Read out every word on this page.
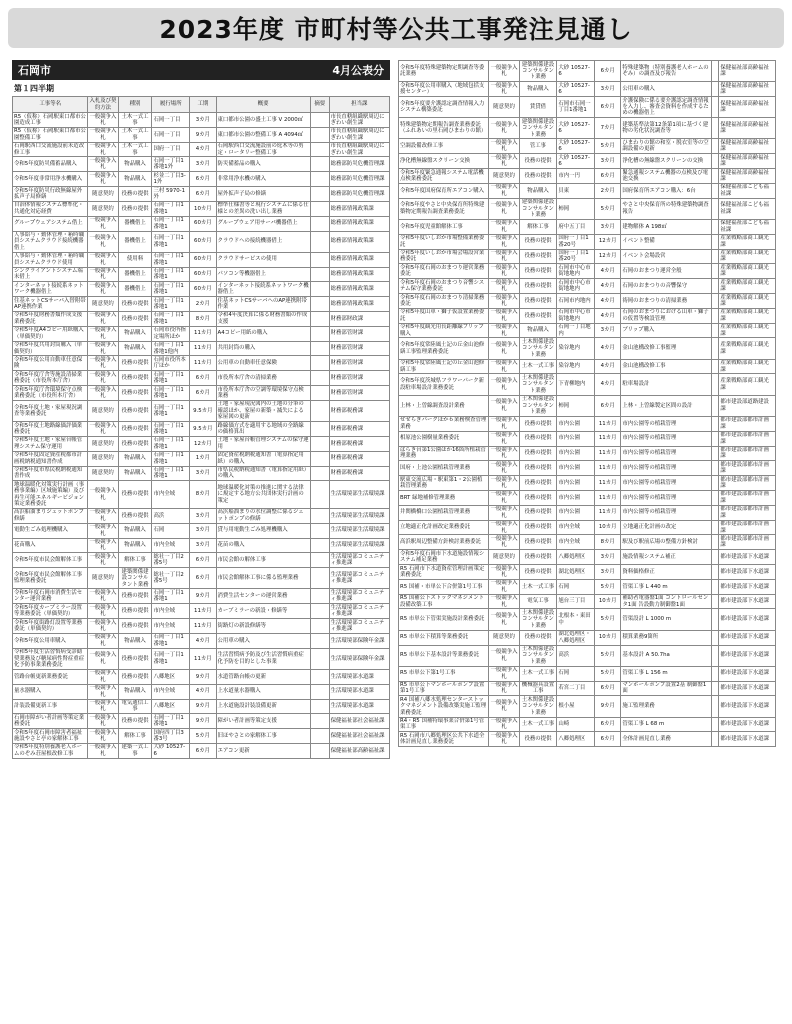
2023年度 市町村等公共工事発注見通し
石岡市	4月公表分
第１四半期
工事等名	入札及び契約方法	種別	履行場所	工期	概要	摘要	担当課
R5（仮称）石岡駅東口都市公園造成工事	一般競争入札	土木一式工事	石岡一丁目	3カ月	東口都市公園の盛土工事 V 2000㎡		市長直轄組織駅周辺にぎわい創生課
R5（仮称）石岡駅東口都市公園整備工事	一般競争入札	土木一式工事	石岡一丁目	9カ月	東口都市公園の整備工事 A 4094㎡		市長直轄組織駅周辺にぎわい創生課
石岡駅西口交流施設前未造改修工事	一般競争入札	土木一式工事	国府一丁目	4カ月	石岡駅西口交流施設前の庭木等の剪定・ロータリー整備工事		市長直轄組織駅周辺にぎわい創生課
令和5年度防災備蓄品購入	一般競争入札	物品購入	石岡一丁目1番地1外	3カ月	防災備蓄品の購入		総務部防災危機管理課
令和5年度非常用浄水機購入	一般競争入札	物品購入	杉並二丁目3-1外	6カ月	非常用浄水機の購入		総務部防災危機管理課
令和5年度防災行政無線屋外拡声子局修繕	随意契約	役務の提供	三村 5970-1外	6カ月	屋外拡声子局の修繕		総務部防災危機管理課
自治体情報システム標準化・共通化対応経費	随意契約	役務の提供	石岡一丁目1番地1	10カ月	標準仕様書等と現行システムに係る仕様との差異の洗い出し業務		総務部情報政策課
グループウェアシステム借上	一般競争入札	器機借上	石岡一丁目1番地1	60カ月	グループウェア用サーバ機器借上		総務部情報政策課
人事給与・勤休管理・箱時職員システムクラウド接続機器借上	一般競争入札	器機借上	石岡一丁目1番地1	60カ月	クラウドへの接続機器借上		総務部情報政策課
人事給与・勤休管理・箱時職員システムクラウド使用	一般競争入札	使用料	石岡一丁目1番地1	60カ月	クラウドサービスの使用		総務部情報政策課
シンクライアントシステム端末借上	一般競争入札	器機借上	石岡一丁目1番地1	60カ月	パソコン等機器借上		総務部情報政策課
インターネット接続系ネットワーク機器借上	一般競争入札	器機借上	石岡一丁目1番地1	60カ月	インターネット接続系ネットワーク機器借上		総務部情報政策課
住基ネットCSサーバ入替附帯AP連携作業	随意契約	役務の提供	石岡一丁目1番地1	2カ月	住基ネットCSサーバへのAP連携附帯作業		総務部情報政策課
令和5年度財務書類作成支援業務委託	一般競争入札	役務の提供	石岡一丁目1番地1	8カ月	令和4年度決算に係る財務書類の作成支援		財務部財政課
令和5年度A4コピー用紙購入（単価契約）	一般競争入札	物品購入	石岡市役所指定場所ほか	11カ月	A4コピー用紙の購入		財務部管財課
令和5年度共用封筒購入（単価契約）	一般競争入札	物品購入	石岡一丁目1番地1他内	11カ月	共用封筒の購入		財務部管財課
令和5年度公用自動車任意保険	一般競争入札	役務の提供	石岡市役所本庁ほか	11カ月	公用車の自動車任意保険		財務部管財課
令和5年度庁舎等施設清掃業務委託（市役所本庁舎）	一般競争入札	役務の提供	石岡一丁目1番地1	6カ月	市役所本庁舎の清掃業務		財務部管財課
令和5年度庁舎環境保守点検業務委託（市役所本庁舎）	一般競争入札	役務の提供	石岡一丁目1番地1	6カ月	市役所本庁舎の空調等環境保守点検業務		財務部管財課
令和5年度土地・家屋現況調査等業務委託	随意契約	役務の提供	石岡一丁目1番地1	9.5カ月	土地・家屋現況図内の土地の分筆の確認ほか、家屋の新築・滅失による家屋図の更新		財務部税務課
令和5年度土地路線価評価業務委託	一般競争入札	役務の提供	石岡一丁目1番地1	9.5カ月	路線価方式を適用する地域の全路線の価格算出		財務部税務課
令和5年度土地・家屋台帳管理システム保守運用	随意契約	役務の提供	石岡一丁目1番地1	12カ月	土地・家屋台帳管理システムの保守運用		財務部税務課
令和5年度固定資産税都市計画税納税通知書作成	随意契約	物品購入	石岡一丁目1番地1	1カ月	固定資産税納税通知書（電算指定用紙）の購入		財務部税務課
令和5年度市県民税納税通知書作成	随意契約	物品購入	石岡一丁目1番地1	3カ月	市県民税納税通知書（電算指定用紙）の購入		財務部税務課
地球温暖化対策実行計画（事務事業編）区域施策編）及び再生可能エネルギービジョン策定業務委託	一般競争入札	役務の提供	市内全域	8カ月	地球温暖化対策の推進に関する法律に規定する地方公共団体実行計画の策定		生活環境部生活環境課
高浜船溜まりジェットポンプ修繕	一般競争入札	役務の提供	高浜	3カ月	高浜船溜まりの水位調整に係るジェットポンプの修繕		生活環境部生活環境課
電動生ごみ処理機購入	一般競争入札	物品購入	石岡	3カ月	貸与用電動生ごみ処理機購入		生活環境部生活環境課
花苗購入	一般競争入札	物品購入	市内全域	3カ月	花苗の購入		生活環境部生活環境課
令和5年度市民会館解体工事	一般競争入札	解体工事	総社一丁目2番5号	6カ月	市民会館の解体工事		生活環境部コミュニティ推進課
令和5年度市民会館解体工事監理業務委託	随意契約	建築関係建設コンサルタント業務	総社一丁目2番5号	6カ月	市民会館解体工事に係る監理業務		生活環境部コミュニティ推進課
令和5年度石岡市消費生活センター運営業務	一般競争入札	役務の提供	石岡一丁目1番地1	9カ月	消費生活センターの運営業務		生活環境部コミュニティ推進課
令和5年度カーブミラー設置等業務委託（単価契約）	一般競争入札	役務の提供	市内全域	11カ月	カーブミラーの新設・修繕等		生活環境部コミュニティ推進課
令和5年度街路灯設置等業務委託（単価契約）	一般競争入札	役務の提供	市内全域	11カ月	街路灯の新設修繕等		生活環境部コミュニティ推進課
令和5年度公用車購入	一般競争入札	物品購入	石岡一丁目1番地1	4カ月	公用車の購入		生活環境部保険年金課
令和5年度生活習慣病受診勧奨業務及び糖尿病性腎症重症化予防事業業務委託	一般競争入札	役務の提供	石岡一丁目1番地1	11カ月	生活習慣病予防及び生活習慣病重症化予防を目的とした事業		生活環境部保険年金課
管路台帳更新業務委託	一般競争入札	役務の提供	八郷地区	9カ月	水道管路台帳の更新		生活環境部水道課
量水器購入	一般競争入札	物品購入	市内全域	4カ月	上水道量水器購入		生活環境部水道課
計装設備更新工事	一般競争入札	電気通信工事	八郷地区	9カ月	上水道施設計装設備更新		生活環境部水道課
石岡市障がい者計画等策定業務委託	一般競争入札	役務の提供	石岡一丁目1番地1	9カ月	障がい者計画等策定支援		保健福祉部社会福祉課
令和5年度石岡市障害者福祉施設やさと亭の家解体工事	一般競争入札	解体工事	国府四丁目3番3号	5カ月	旧ほやさとの家解体工事		保健福祉部社会福祉課
令和5年度特別養護老人ホームのぞみ荘屋根改修工事	一般競争入札	建築一式工事	大砂 10527-6	6カ月	エアコン更新		保健福祉部高齢福祉課
令和5年度特殊建築物定期調査等委託業務	一般競争入札	建築関係建設コンサルタント業務	大砂 10527-6	6カ月	特殊建築物（特別養護老人ホームのぞみ）の調査及び報告		保健福祉部高齢福祉課
令和5年度公用車購入（地域包括支援センター）	一般競争入札	物品購入	大砂 10527-6	3カ月	公用車の購入		保健福祉部高齢福祉課
令和5年度要介護認定調査情報入力システム構築委託	随意契約	賃貸借	石岡市石岡一丁目1番地1	6カ月	介護保険に係る要介護認定調査情報を入力し、審査会資料を作成するための機器借上		保健福祉部高齢福祉課
特殊建築物定期報告調査業務委託（ふれあいの里石岡ひまわりの館）	一般競争入札	建築関係建設コンサルタント業務	大砂 10527-6	7カ月	建築基準法第12条第1項に基づく建物の劣化状況調査等		保健福祉部高齢福祉課
空調設備改修工事	一般競争入札	管工事	大砂 10527-6	5カ月	ひまわりの館の和室・脱衣室等の空調設備の更新		保健福祉部高齢福祉課
浄化槽無線盤スクリーン交換	一般競争入札	役務の提供	大砂 10527-6	3カ月	浄化槽の無線盤スクリーンの交換		保健福祉部高齢福祉課
令和5年度緊急通報システム電話機点検業務委託	随意契約	役務の提供	市内一円	6カ月	緊急通報システム機器の点検及び電池交換		保健福祉部高齢福祉課
令和5年度国府保育所エアコン購入	一般競争入札	物品購入	貝東	2カ月	国府保育所エアコン購入：6台		保健福祉部こども福祉課
令和5年度やさと中央保育所特殊建築物定期報告調査業務委託	一般競争入札	建築関係建設コンサルタント業務	柿岡	5カ月	やさと中央保育所の特殊建築物調査報告		保健福祉部こども福祉課
令和5年度児童館解体工事	一般競争入札	解体工事	府中五丁目	3カ月	建物解体 A 198㎡		保健福祉部こども福祉課
令和5年度いしおか市場整備業務委託	一般競争入札	役務の提供	国府一丁目1番20号	12カ月	イベント整備		産業戦略部商工観光課
令和5年度いしおか市場会場設営業務委託	一般競争入札	役務の提供	国府一丁目1番20号	12カ月	イベント会場設営		産業戦略部商工観光課
令和5年度石岡のおまつり運営業務委託	一般競争入札	役務の提供	石岡市中心市街地地内	4カ月	石岡のおまつり運営全般		産業戦略部商工観光課
令和5年度石岡のおまつり音響システム保守業務委託	一般競争入札	役務の提供	石岡市中心市街地地内	4カ月	石岡のおまつりの音響保守		産業戦略部商工観光課
令和5年度石岡のおまつり清掃業務委託	一般競争入札	役務の提供	石岡市内地内	4カ月	祷岡のおまつりの清掃業務		産業戦略部商工観光課
令和5年度山車・獅子仮設置業務委託	一般競争入札	役務の提供	石岡市中心市街地地内	4カ月	石岡のおまつりにおける山車・獅子の仮置等検設管理		産業戦略部商工観光課
令和5年度観光用長距離線ブリップ購入	一般競争入札	物品購入	石岡一丁目地内	3カ月	ブリップ購入		産業戦略部商工観光課
令和5年度常陸風土記の丘金山池修繕工事監理業務委託	一般競争入札	土木関係建設コンサルタント業務	染谷地内	4カ月	金山池構改修工事監理		産業戦略部商工観光課
令和5年度常陸風土記の丘金山池修繕工事	一般競争入札	土木一式工事	染谷地内	4カ月	金山池構改修工事		産業戦略部商工観光課
令和5年度茨城県フラワーパーク新設駐車場設計業務委託	一般競争入札	土木関係建設コンサルタント業務	下青柳地内	4カ月	駐車場設計		産業戦略部商工観光課
上林・上曽線調査設計業務	一般競争入札	土木関係建設コンサルタント業務	柿岡	6カ月	上林・上曽線製定区間の設計		都市建設部道路建設課
せせらぎパークほか６業務検査管理業務	一般競争入札	役務の提供	市内公園	11カ月	市内公園等の植栽管理		都市建設部都市計画課
相原池公園樹量業務委託	一般競争入札	役務の提供	市内公園	11カ月	市内公園等の植栽管理		都市建設部都市計画課
ばらき台第1公園ほか16箇所植栽管理業務	一般競争入札	役務の提供	市内公園	11カ月	市内公園等の植栽管理		都市建設部都市計画課
国府・上池公園植栽管理業務	一般競争入札	役務の提供	市内公園	11カ月	市内公園等の植栽管理		都市建設部都市計画課
駅東交流広場・駅東第1・2公園植栽管理業務	一般競争入札	役務の提供	市内公園	11カ月	市内公園等の植栽管理		都市建設部都市計画課
BRT 緑地補修管理業務	一般競争入札	役務の提供	市内公園	11カ月	市内公園等の植栽管理		都市建設部都市計画課
井関橋橋口公園植栽管理業務	一般競争入札	役務の提供	市内公園	11カ月	市内公園等の植栽管理		都市建設部都市計画課
立地適正化計画改定業務委託	一般競争入札	役務の提供	市内全域	10カ月	立地適正化計画の改定		都市建設部都市計画課
高浜駅周辺整備方針検討業務委託	一般競争入札	役務の提供	市内全域	8カ月	駅及び駅前広場の整備方針検討		都市建設部都市計画課
令和5年度石岡市下水道施設情報システム補足業務	随意契約	役務の提供	八郷処理区	3カ月	施設情報システム補正		都市建設部下水道課
R5 石岡市下水道資産管理計画策定業務委託	一般競争入札	役務の提供	湖北処理区	3カ月	資料価格修正		都市建設部下水道課
R5 国補・市単公下合併第1号工事	一般競争入札	土木一式工事	石岡	5カ月	管渠工事 L 440 m		都市建設部下水道課
R5 国補公下ストックマネジメント設備改築工事	一般競争入札	電気工事	旭台三丁目	10カ月	補助者電器盤1面 コントロールセンタ1面 告設動力制御盤1面		都市建設部下水道課
R5 市単公下管渠実施設計業務委託	一般競争入札	土木関係建設コンサルタント業務	北根本・東田中	5カ月	管渠設計 L 1000 m		都市建設部下水道課
R5 市単公下積算等業務委託	随意契約	役務の提供	湖北処理区・八郷処理区	10カ月	積算業務9箇所		都市建設部下水道課
R5 市単公下基本設計等業務委託	一般競争入札	土木関係建設コンサルタント業務	高浜	5カ月	基本設計 A 50.7ha		都市建設部下水道課
R5 市単公下第1号工事	一般競争入札	土木一式工事	石岡	5カ月	管渠工事 L 156 m		都市建設部下水道課
R5 市単公下マンホールポンプ設置第1号工事	一般競争入札	機械器具設置工事	若宮二丁目	6カ月	マンホールポンプ設置2基 制御盤1面		都市建設部下水道課
R4 国補八郷水処理センターストックマネジメント設備改築実施工監理業務委託	一般競争入札	土木関係建設コンサルタント業務	根小屋	9カ月	施工監理業務		都市建設部下水道課
R4・R5 国補特環事業合併第1号管渠工事	一般競争入札	土木一式工事	山崎	6カ月	管渠工事 L 68 m		都市建設部下水道課
R5 石岡市八郷処理区公共下水道全体計画見直し業務委託	一般競争入札	役務の提供	八郷処理区	6カ月	全体計画見直し業務		都市建設部下水道課
